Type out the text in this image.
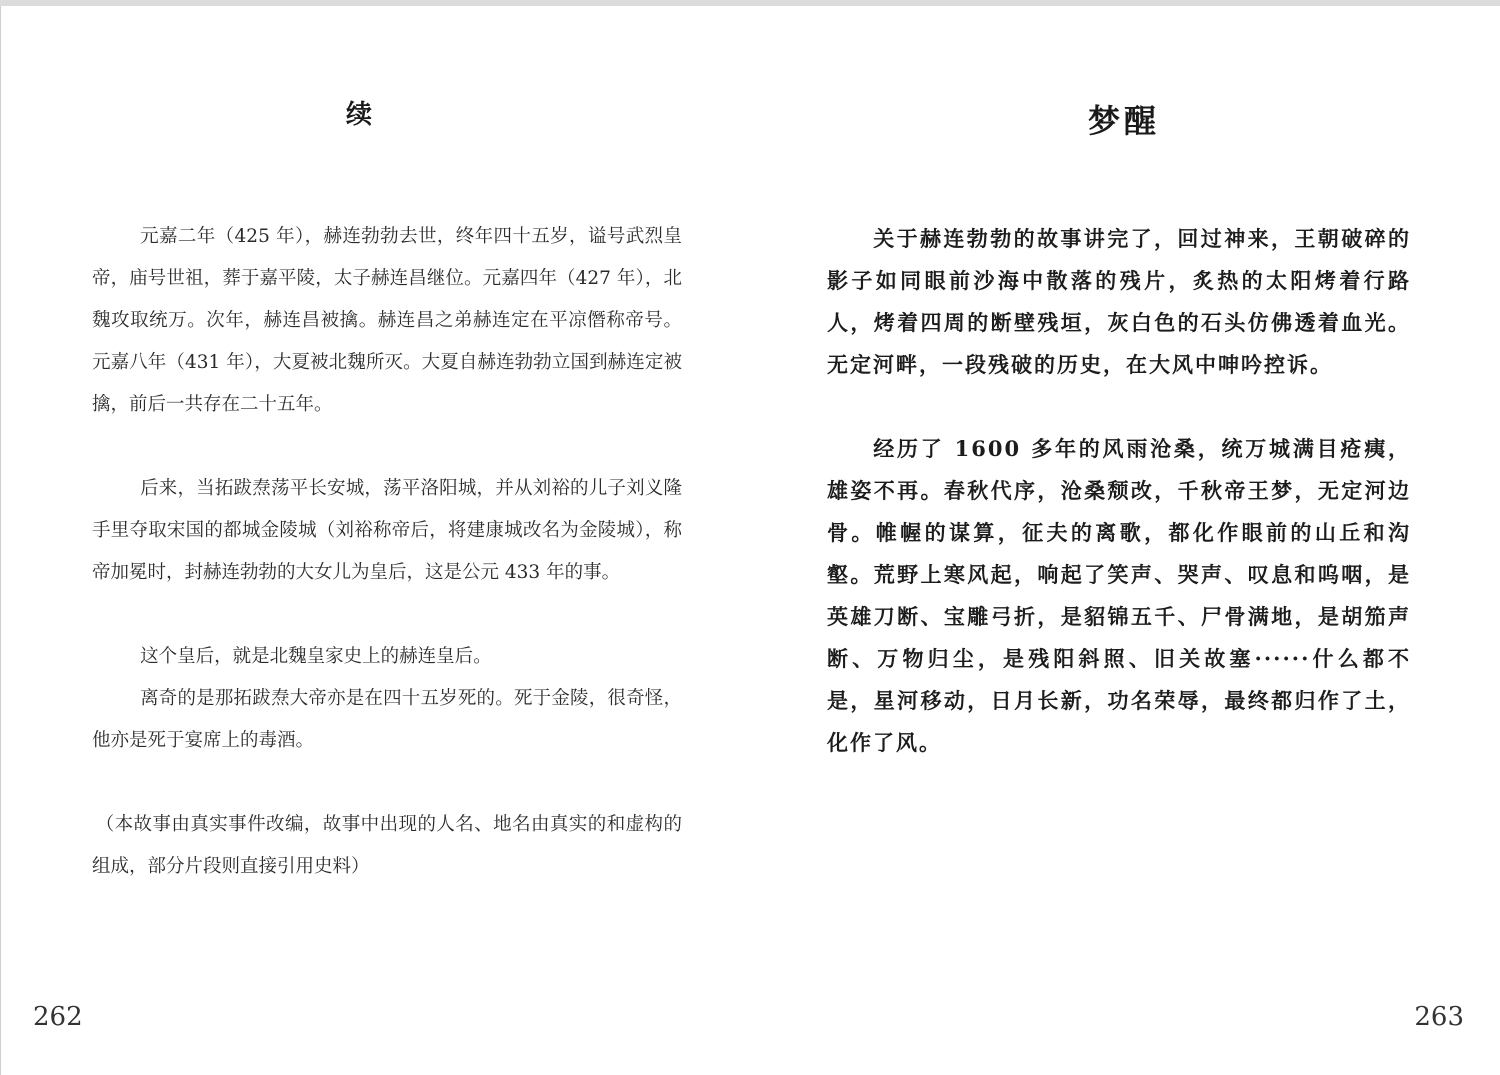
续

元嘉二年（425 年），赫连勃勃去世，终年四十五岁，谥号武烈皇帝，庙号世祖，葬于嘉平陵，太子赫连昌继位。元嘉四年（427 年），北魏攻取统万。次年，赫连昌被擒。赫连昌之弟赫连定在平凉僭称帝号。元嘉八年（431 年），大夏被北魏所灭。大夏自赫连勃勃立国到赫连定被擒，前后一共存在二十五年。

后来，当拓跋焘荡平长安城，荡平洛阳城，并从刘裕的儿子刘义隆手里夺取宋国的都城金陵城（刘裕称帝后，将建康城改名为金陵城），称帝加冕时，封赫连勃勃的大女儿为皇后，这是公元 433 年的事。

这个皇后，就是北魏皇家史上的赫连皇后。

离奇的是那拓跋焘大帝亦是在四十五岁死的。死于金陵，很奇怪，他亦是死于宴席上的毒酒。

（本故事由真实事件改编，故事中出现的人名、地名由真实的和虚构的组成，部分片段则直接引用史料）

262
梦醒

关于赫连勃勃的故事讲完了，回过神来，王朝破碎的影子如同眼前沙海中散落的残片，炙热的太阳烤着行路人，烤着四周的断壁残垣，灰白色的石头仿佛透着血光。无定河畔，一段残破的历史，在大风中呻吟控诉。

经历了 1600 多年的风雨沧桑，统万城满目疮痍，雄姿不再。春秋代序，沧桑颓改，千秋帝王梦，无定河边骨。帷幄的谋算，征夫的离歌，都化作眼前的山丘和沟壑。荒野上寒风起，响起了笑声、哭声、叹息和呜咽，是英雄刀断、宝雕弓折，是貂锦五千、尸骨满地，是胡笳声断、万物归尘，是残阳斜照、旧关故塞······什么都不是，星河移动，日月长新，功名荣辱，最终都归作了土，化作了风。

263
